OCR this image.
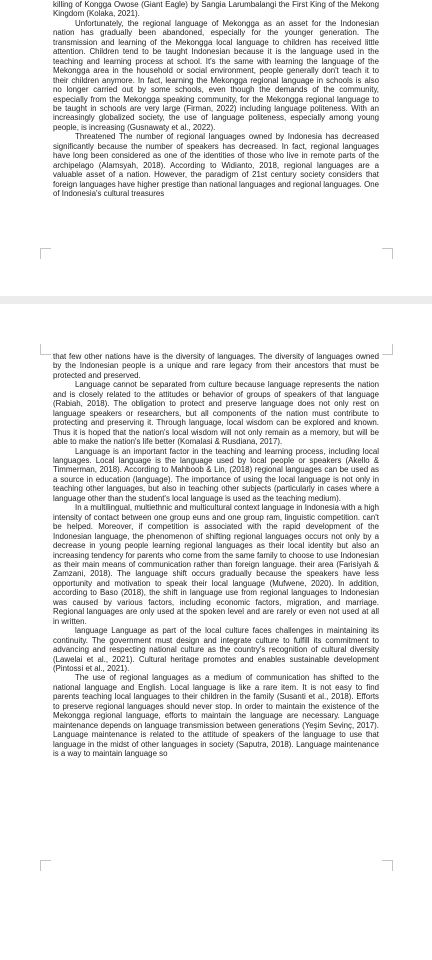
killing of Kongga Owose (Giant Eagle) by Sangia Larumbalangi the First King of the Mekong Kingdom (Kolaka, 2021).

Unfortunately, the regional language of Mekongga as an asset for the Indonesian nation has gradually been abandoned, especially for the younger generation. The transmission and learning of the Mekongga local language to children has received little attention. Children tend to be taught Indonesian because it is the language used in the teaching and learning process at school. It's the same with learning the language of the Mekongga area in the household or social environment, people generally don't teach it to their children anymore. In fact, learning the Mekongga regional language in schools is also no longer carried out by some schools, even though the demands of the community, especially from the Mekongga speaking community, for the Mekongga regional language to be taught in schools are very large (Firman, 2022) including language politeness. With an increasingly globalized society, the use of language politeness, especially among young people, is increasing (Gusnawaty et al., 2022).

Threatened The number of regional languages owned by Indonesia has decreased significantly because the number of speakers has decreased. In fact, regional languages have long been considered as one of the identities of those who live in remote parts of the archipelago (Alamsyah, 2018). According to Widianto, 2018, regional languages are a valuable asset of a nation. However, the paradigm of 21st century society considers that foreign languages have higher prestige than national languages and regional languages. One of Indonesia's cultural treasures

that few other nations have is the diversity of languages. The diversity of languages owned by the Indonesian people is a unique and rare legacy from their ancestors that must be protected and preserved.

Language cannot be separated from culture because language represents the nation and is closely related to the attitudes or behavior of groups of speakers of that language (Rabiah, 2018). The obligation to protect and preserve language does not only rest on language speakers or researchers, but all components of the nation must contribute to protecting and preserving it. Through language, local wisdom can be explored and known. Thus it is hoped that the nation's local wisdom will not only remain as a memory, but will be able to make the nation's life better (Komalasi & Rusdiana, 2017).

Language is an important factor in the teaching and learning process, including local languages. Local language is the language used by local people or speakers (Akello & Timmerman, 2018). According to Mahboob & Lin, (2018) regional languages can be used as a source in education (language). The importance of using the local language is not only in teaching other languages, but also in teaching other subjects (particularly in cases where a language other than the student's local language is used as the teaching medium).

In a multilingual, multiethnic and multicultural context language in Indonesia with a high intensity of contact between one group euns and one group ram, linguistic competition. can't be helped. Moreover, if competition is associated with the rapid development of the Indonesian language, the phenomenon of shifting regional languages occurs not only by a decrease in young people learning regional languages as their local identity but also an increasing tendency for parents who come from the same family to choose to use Indonesian as their main means of communication rather than foreign language. their area (Farisiyah & Zamzani, 2018). The language shift occurs gradually because the speakers have less opportunity and motivation to speak their local language (Mufwene, 2020). In addition, according to Baso (2018), the shift in language use from regional languages to Indonesian was caused by various factors, including economic factors, migration, and marriage. Regional languages are only used at the spoken level and are rarely or even not used at all in written.

language Language as part of the local culture faces challenges in maintaining its continuity. The government must design and integrate culture to fulfill its commitment to advancing and respecting national culture as the country's recognition of cultural diversity (Lawelai et al., 2021). Cultural heritage promotes and enables sustainable development (Pintossi et al., 2021).

The use of regional languages as a medium of communication has shifted to the national language and English. Local language is like a rare item. It is not easy to find parents teaching local languages to their children in the family (Susanti et al., 2018). Efforts to preserve regional languages should never stop. In order to maintain the existence of the Mekongga regional language, efforts to maintain the language are necessary. Language maintenance depends on language transmission between generations (Yeşim Sevinç, 2017). Language maintenance is related to the attitude of speakers of the language to use that language in the midst of other languages in society (Saputra, 2018). Language maintenance is a way to maintain language so
